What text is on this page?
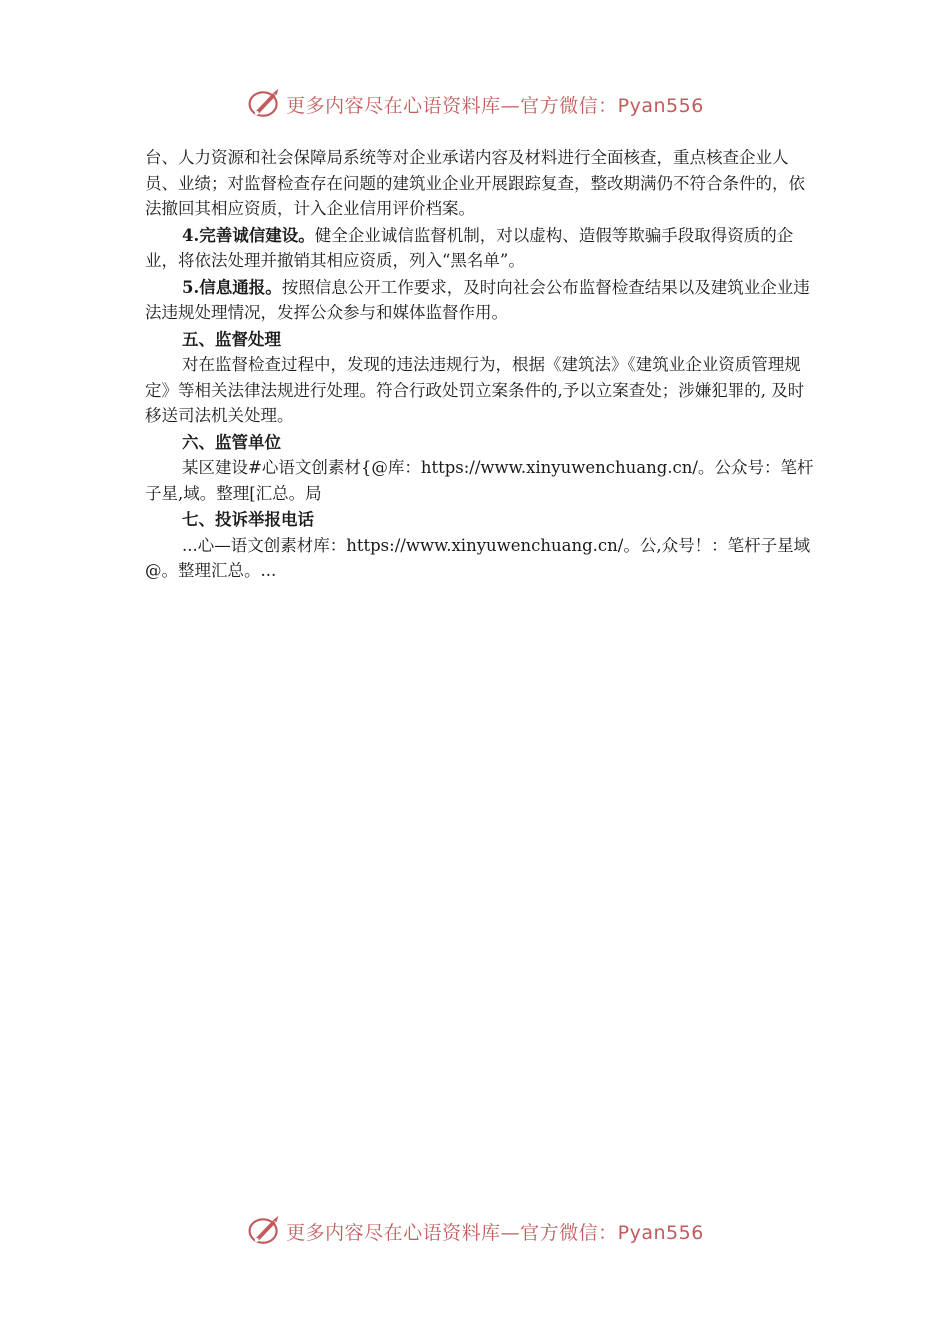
更多内容尽在心语资料库—官方微信：Pyan556

台、人力资源和社会保障局系统等对企业承诺内容及材料进行全面核查，重点核查企业人员、业绩；对监督检查存在问题的建筑业企业开展跟踪复查，整改期满仍不符合条件的，依法撤回其相应资质，计入企业信用评价档案。

4.完善诚信建设。健全企业诚信监督机制，对以虚构、造假等欺骗手段取得资质的企业，将依法处理并撤销其相应资质，列入“黑名单”。

5.信息通报。按照信息公开工作要求，及时向社会公布监督检查结果以及建筑业企业违法违规处理情况，发挥公众参与和媒体监督作用。

五、监督处理

对在监督检查过程中，发现的违法违规行为，根据《建筑法》《建筑业企业资质管理规定》等相关法律法规进行处理。符合行政处罚立案条件的,予以立案查处；涉嫌犯罪的, 及时移送司法机关处理。

六、监管单位

某区建设#心语文创素材{@库：https://www.xinyuwenchuang.cn/。公众号：笔杆子星,域。整理[汇总。局

七、投诉举报电话

...心—语文创素材库：https://www.xinyuwenchuang.cn/。公,众号！：笔杆子星域@。整理汇总。...

更多内容尽在心语资料库—官方微信：Pyan556
